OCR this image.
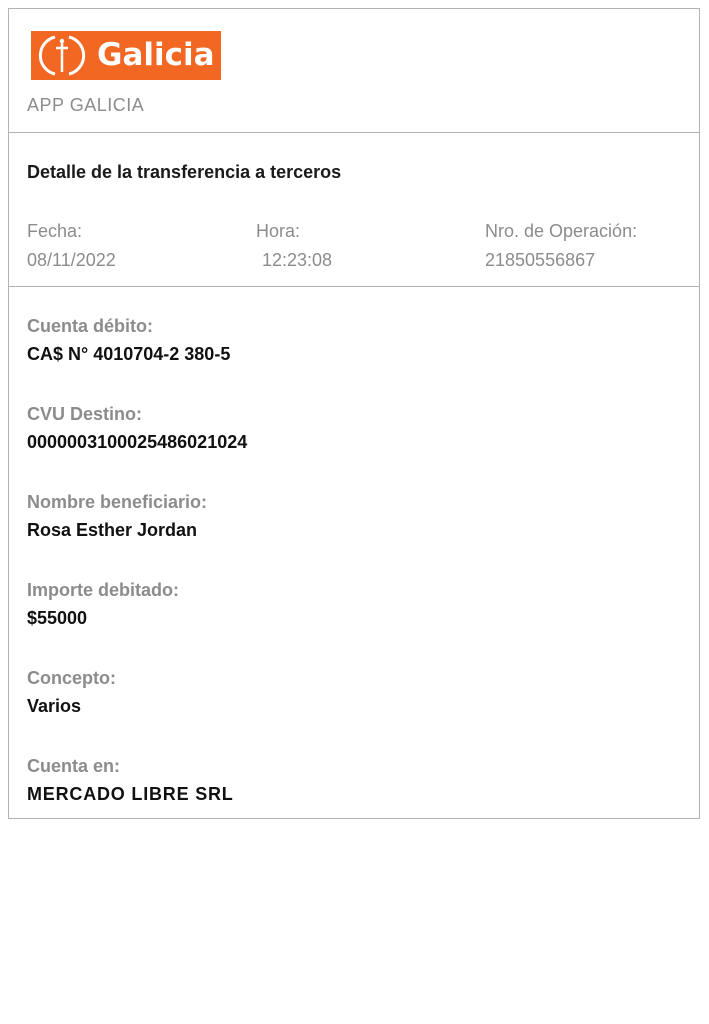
Galicia
APP GALICIA
Detalle de la transferencia a terceros
Fecha:
08/11/2022
Hora:
12:23:08
Nro. de Operación:
21850556867
Cuenta débito:
CA$ N° 4010704-2 380-5
CVU Destino:
0000003100025486021024
Nombre beneficiario:
Rosa Esther Jordan
Importe debitado:
$55000
Concepto:
Varios
Cuenta en:
MERCADO LIBRE SRL
